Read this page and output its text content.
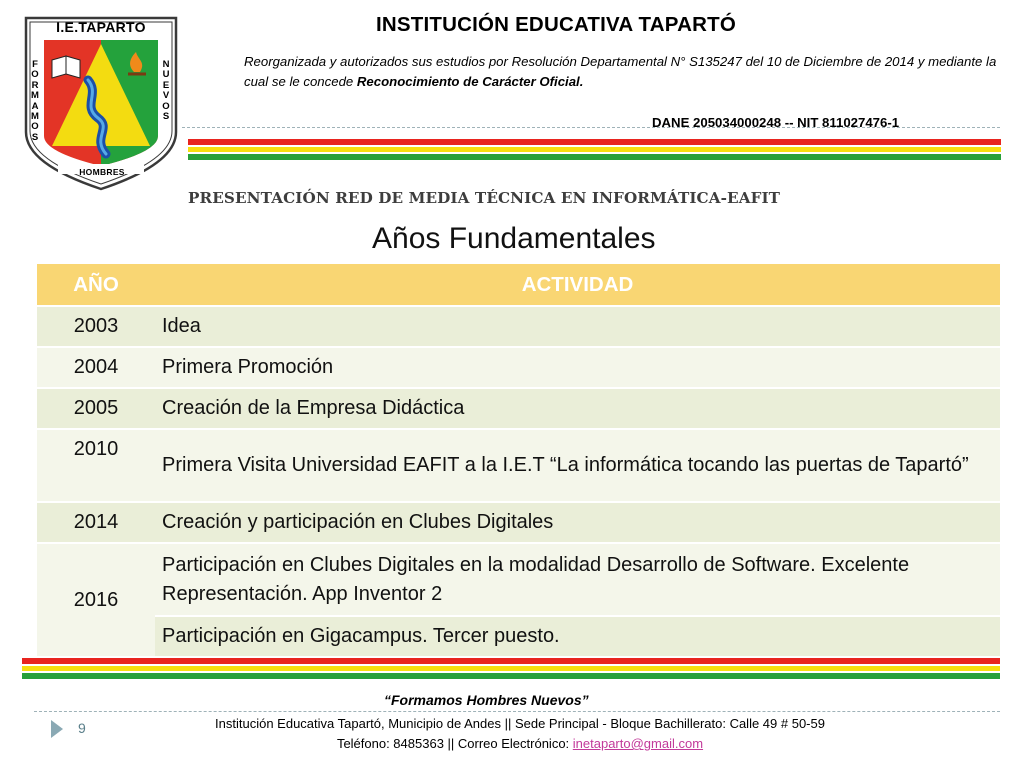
I.E.TAPARTO
F
O
R
M
A
M
O
S
N
U
E
V
O
S
HOMBRES
INSTITUCIÓN EDUCATIVA TAPARTÓ
Reorganizada y autorizados sus estudios por Resolución Departamental N° S135247 del 10 de Diciembre de 2014 y mediante la cual se le concede Reconocimiento de Carácter Oficial.
DANE 205034000248 -- NIT 811027476-1
PRESENTACIÓN RED DE MEDIA TÉCNICA EN INFORMÁTICA-EAFIT
Años Fundamentales
AÑO	ACTIVIDAD
2003	Idea
2004	Primera Promoción
2005	Creación de la Empresa Didáctica
2010	Primera Visita Universidad EAFIT a la I.E.T “La informática tocando las puertas de Tapartó”
2014	Creación y participación en Clubes Digitales
2016	Participación en Clubes Digitales en la modalidad Desarrollo de Software. Excelente Representación. App Inventor 2
	Participación en Gigacampus. Tercer puesto.
“Formamos Hombres Nuevos”
9	Institución Educativa Tapartó, Municipio de Andes || Sede Principal - Bloque Bachillerato: Calle 49 # 50-59
Teléfono: 8485363 || Correo Electrónico: inetaparto@gmail.com
